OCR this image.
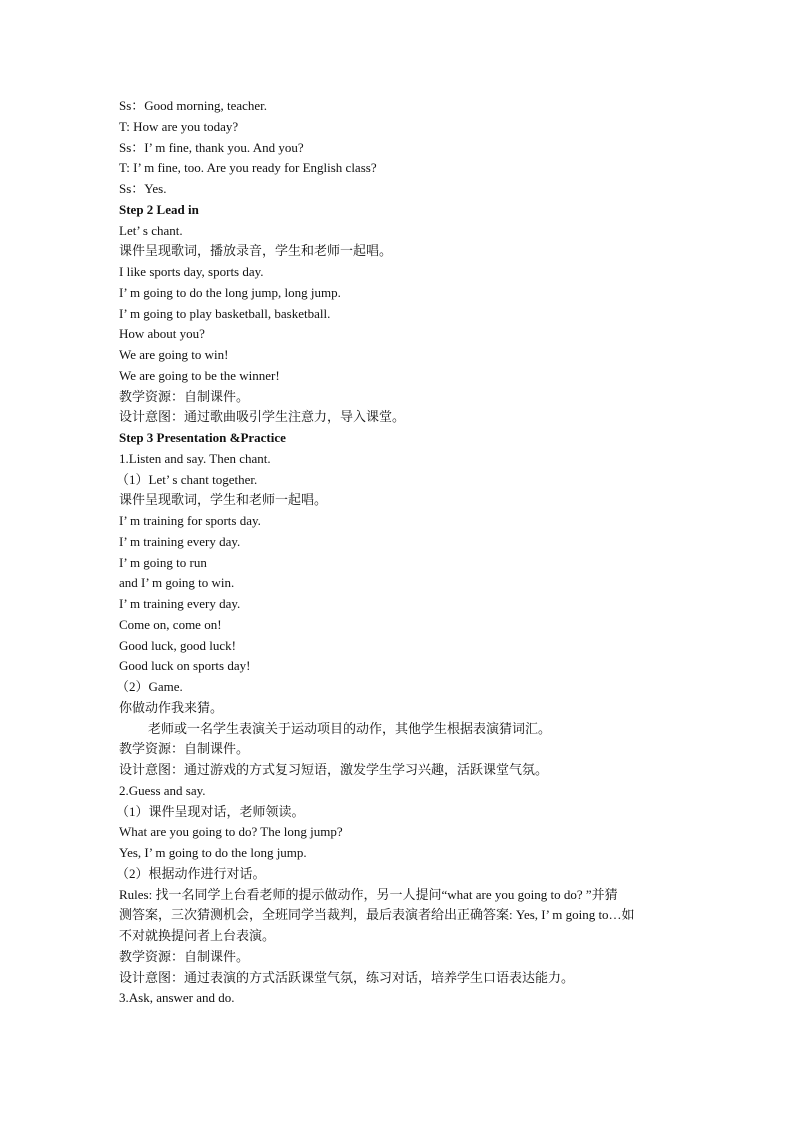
Ss：Good morning, teacher.
T: How are you today?
Ss：I’ m fine, thank you. And you?
T: I’ m fine, too. Are you ready for English class?
Ss：Yes.
Step 2 Lead in
Let’ s chant.
课件呈现歌词，播放录音，学生和老师一起唱。
I like sports day, sports day.
I’ m going to do the long jump, long jump.
I’ m going to play basketball, basketball.
How about you?
We are going to win!
We are going to be the winner!
教学资源：自制课件。
设计意图：通过歌曲吸引学生注意力，导入课堂。
Step 3 Presentation &Practice
1.Listen and say. Then chant.
（1）Let’ s chant together.
课件呈现歌词，学生和老师一起唱。
I’ m training for sports day.
I’ m training every day.
I’ m going to run
and I’ m going to win.
I’ m training every day.
Come on, come on!
Good luck, good luck!
Good luck on sports day!
（2）Game.
你做动作我来猜。
老师或一名学生表演关于运动项目的动作，其他学生根据表演猜词汇。
教学资源：自制课件。
设计意图：通过游戏的方式复习短语，激发学生学习兴趣，活跃课堂气氛。
2.Guess and say.
（1）课件呈现对话，老师领读。
What are you going to do? The long jump?
Yes, I’ m going to do the long jump.
（2）根据动作进行对话。
Rules: 找一名同学上台看老师的提示做动作，另一人提问“what are you going to do? ”并猜
测答案，三次猜测机会，全班同学当裁判，最后表演者给出正确答案: Yes, I’ m going to…如
不对就换提问者上台表演。
教学资源：自制课件。
设计意图：通过表演的方式活跃课堂气氛，练习对话，培养学生口语表达能力。
3.Ask, answer and do.
